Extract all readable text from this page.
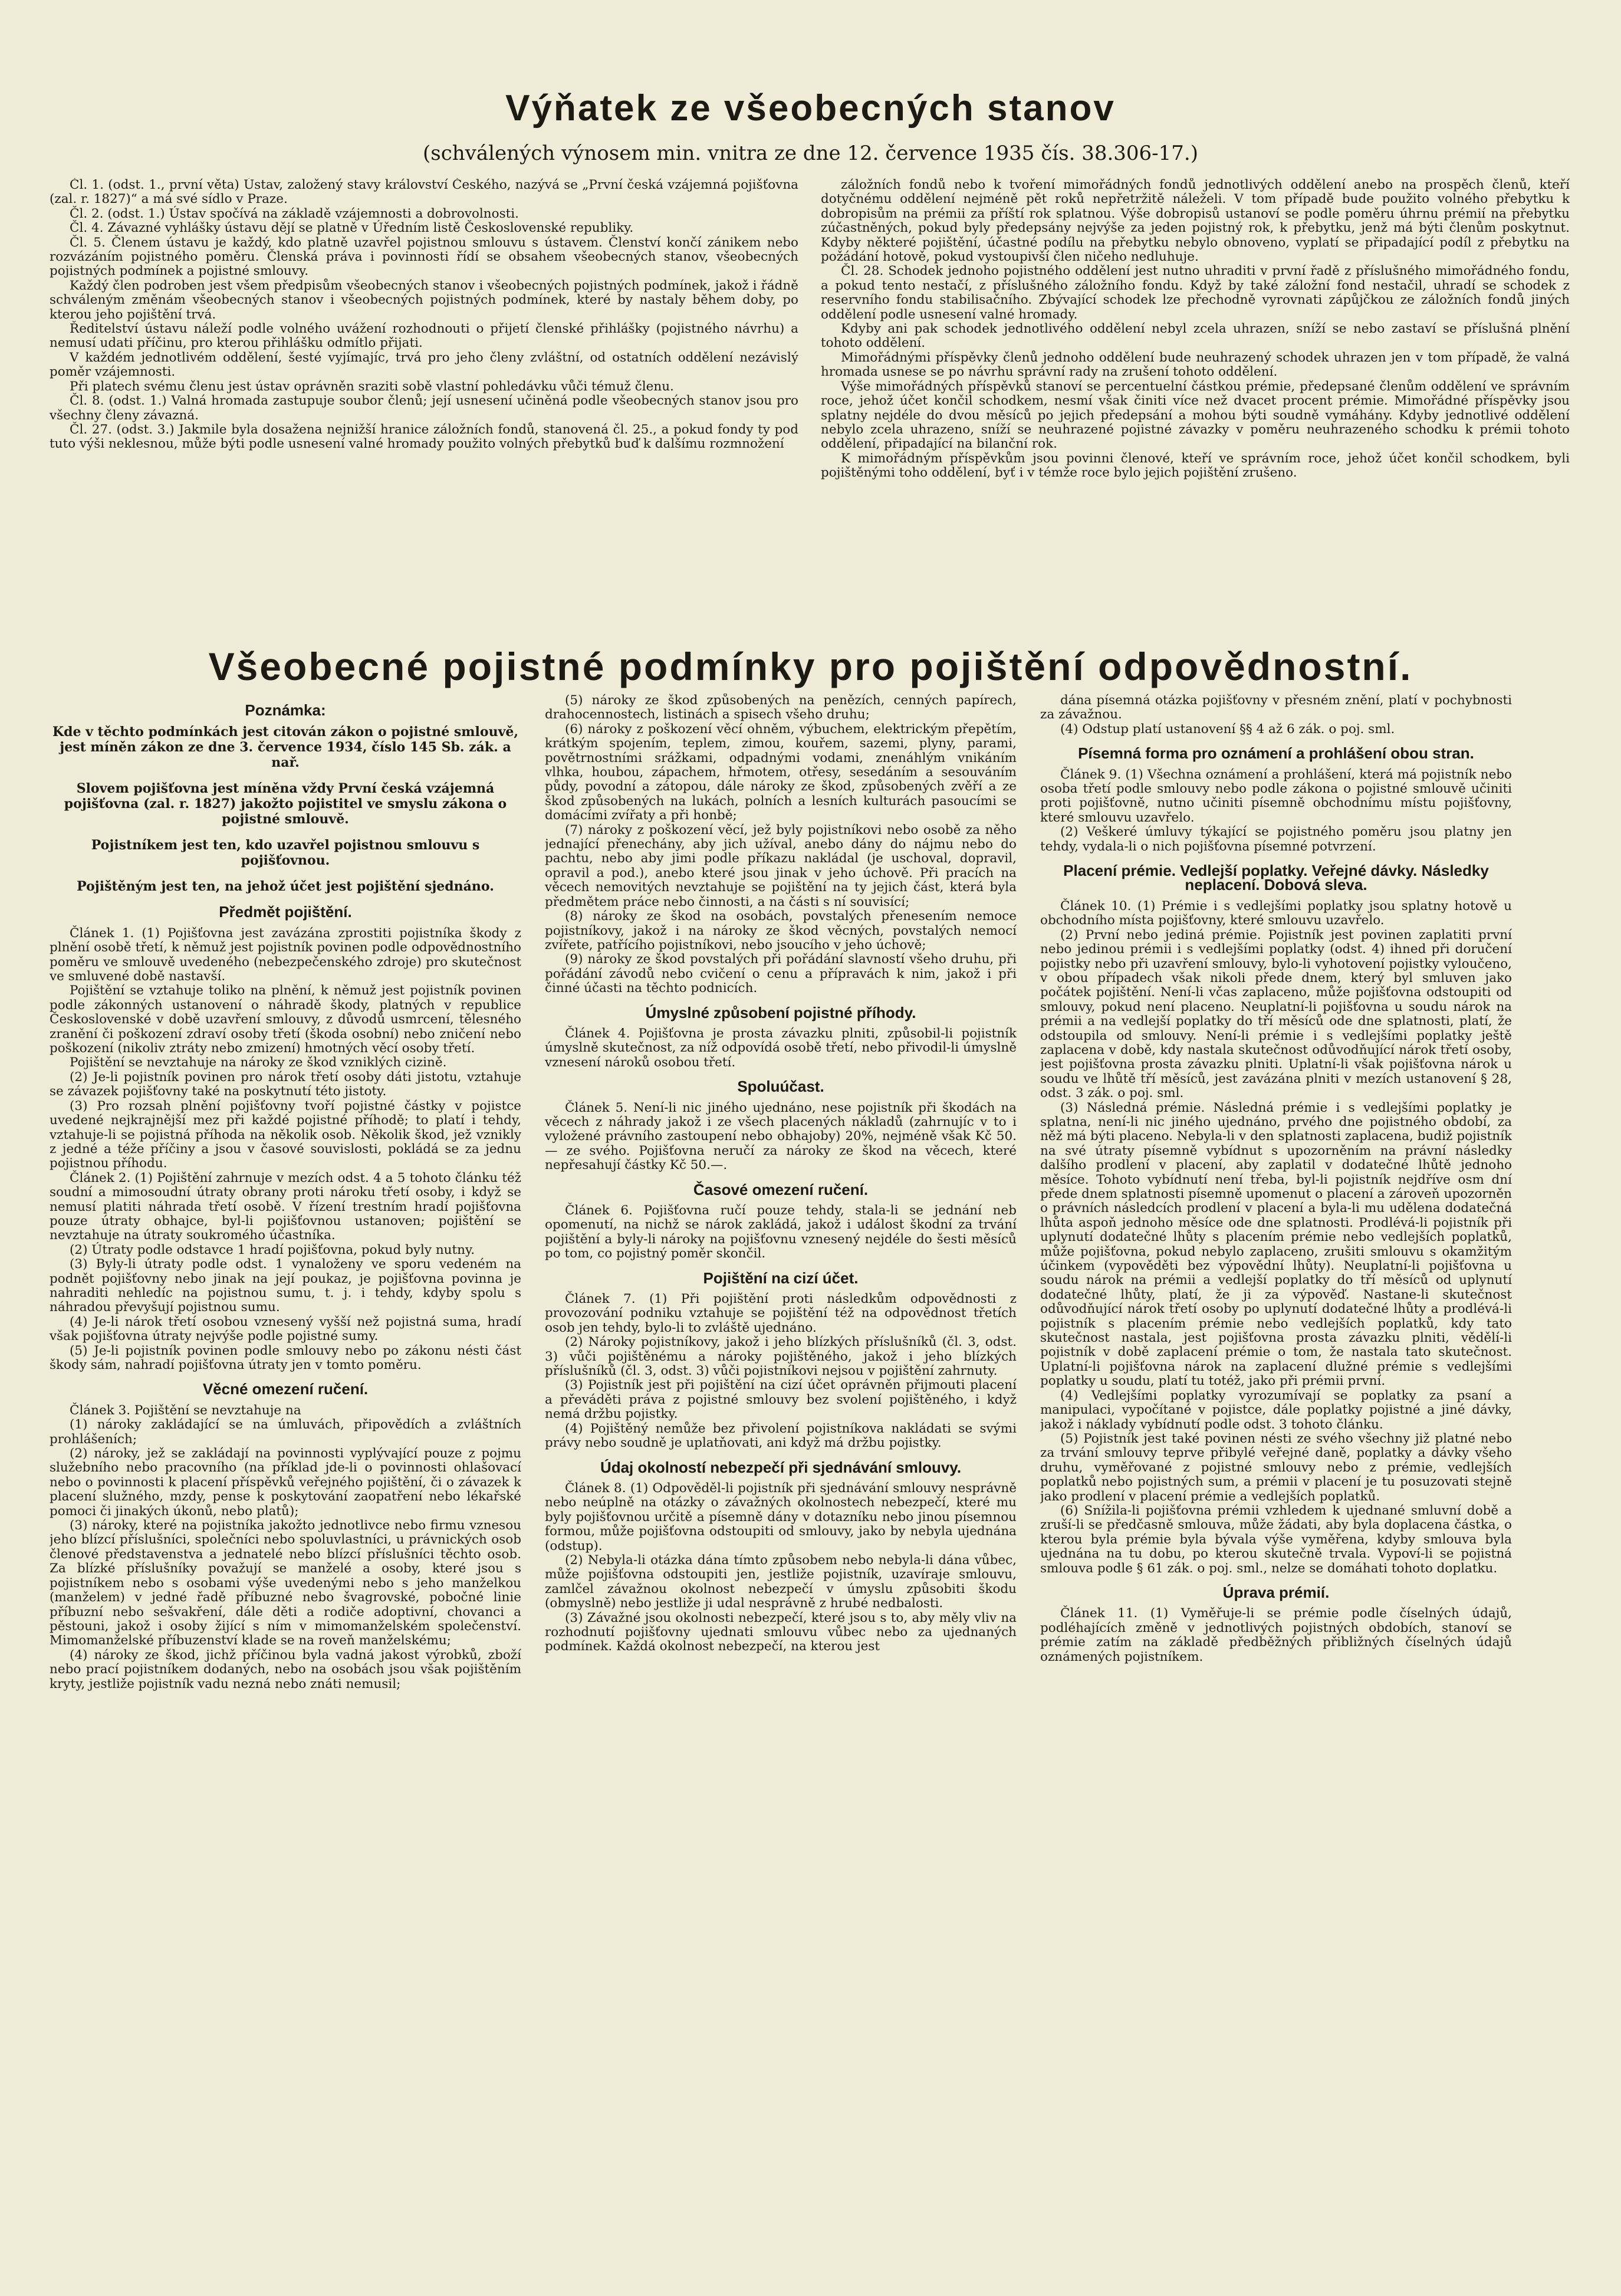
Výňatek ze všeobecných stanov
(schválených výnosem min. vnitra ze dne 12. července 1935 čís. 38.306-17.)

Čl. 1. (odst. 1., první věta) Ústav, založený stavy království Českého, nazývá se „První česká vzájemná pojišťovna (zal. r. 1827)“ a má své sídlo v Praze.

Čl. 2. (odst. 1.) Ústav spočívá na základě vzájemnosti a dobrovolnosti.

Čl. 4. Závazné vyhlášky ústavu dějí se platně v Úředním listě Československé republiky.

Čl. 5. Členem ústavu je každý, kdo platně uzavřel pojistnou smlouvu s ústavem. Členství končí zánikem nebo rozvázáním pojistného poměru. Členská práva i povinnosti řídí se obsahem všeobecných stanov, všeobecných pojistných podmínek a pojistné smlouvy.

Každý člen podroben jest všem předpisům všeobecných stanov i všeobecných pojistných podmínek, jakož i řádně schváleným změnám všeobecných stanov i všeobecných pojistných podmínek, které by nastaly během doby, po kterou jeho pojištění trvá.

Ředitelství ústavu náleží podle volného uvážení rozhodnouti o přijetí členské přihlášky (pojistného návrhu) a nemusí udati příčinu, pro kterou přihlášku odmítlo přijati.

V každém jednotlivém oddělení, šesté vyjímajíc, trvá pro jeho členy zvláštní, od ostatních oddělení nezávislý poměr vzájemnosti.

Při platech svému členu jest ústav oprávněn sraziti sobě vlastní pohledávku vůči témuž členu.

Čl. 8. (odst. 1.) Valná hromada zastupuje soubor členů; její usnesení učiněná podle všeobecných stanov jsou pro všechny členy závazná.

Čl. 27. (odst. 3.) Jakmile byla dosažena nejnižší hranice záložních fondů, stanovená čl. 25., a pokud fondy ty pod tuto výši neklesnou, může býti podle usnesení valné hromady použito volných přebytků buď k dalšímu rozmnožení

záložních fondů nebo k tvoření mimořádných fondů jednotlivých oddělení anebo na prospěch členů, kteří dotyčnému oddělení nejméně pět roků nepřetržitě náleželi. V tom případě bude použito volného přebytku k dobropisům na prémii za příští rok splatnou. Výše dobropisů ustanoví se podle poměru úhrnu prémií na přebytku zúčastněných, pokud byly předepsány nejvýše za jeden pojistný rok, k přebytku, jenž má býti členům poskytnut. Kdyby některé pojištění, účastné podílu na přebytku nebylo obnoveno, vyplatí se připadající podíl z přebytku na požádání hotově, pokud vystoupivší člen ničeho nedluhuje.

Čl. 28. Schodek jednoho pojistného oddělení jest nutno uhraditi v první řadě z příslušného mimořádného fondu, a pokud tento nestačí, z příslušného záložního fondu. Když by také záložní fond nestačil, uhradí se schodek z reservního fondu stabilisačního. Zbývající schodek lze přechodně vyrovnati zápůjčkou ze záložních fondů jiných oddělení podle usnesení valné hromady.

Kdyby ani pak schodek jednotlivého oddělení nebyl zcela uhrazen, sníží se nebo zastaví se příslušná plnění tohoto oddělení.

Mimořádnými příspěvky členů jednoho oddělení bude neuhrazený schodek uhrazen jen v tom případě, že valná hromada usnese se po návrhu správní rady na zrušení tohoto oddělení.

Výše mimořádných příspěvků stanoví se percentuelní částkou prémie, předepsané členům oddělení ve správním roce, jehož účet končil schodkem, nesmí však činiti více než dvacet procent prémie. Mimořádné příspěvky jsou splatny nejdéle do dvou měsíců po jejich předepsání a mohou býti soudně vymáhány. Kdyby jednotlivé oddělení nebylo zcela uhrazeno, sníží se neuhrazené pojistné závazky v poměru neuhrazeného schodku k prémii tohoto oddělení, připadající na bilanční rok.

K mimořádným příspěvkům jsou povinni členové, kteří ve správním roce, jehož účet končil schodkem, byli pojištěnými toho oddělení, byť i v témže roce bylo jejich pojištění zrušeno.

Všeobecné pojistné podmínky pro pojištění odpovědnostní.
Poznámka:

Kde v těchto podmínkách jest citován zákon o pojistné smlouvě, jest míněn zákon ze dne 3. července 1934, číslo 145 Sb. zák. a nař.

Slovem pojišťovna jest míněna vždy První česká vzájemná pojišťovna (zal. r. 1827) jakožto pojistitel ve smyslu zákona o pojistné smlouvě.

Pojistníkem jest ten, kdo uzavřel pojistnou smlouvu s pojišťovnou.

Pojištěným jest ten, na jehož účet jest pojištění sjednáno.

Předmět pojištění.

Článek 1. (1) Pojišťovna jest zavázána zprostiti pojistníka škody z plnění osobě třetí, k němuž jest pojistník povinen podle odpovědnostního poměru ve smlouvě uvedeného (nebezpečenského zdroje) pro skutečnost ve smluvené době nastavší.

Pojištění se vztahuje toliko na plnění, k němuž jest pojistník povinen podle zákonných ustanovení o náhradě škody, platných v republice Československé v době uzavření smlouvy, z důvodů usmrcení, tělesného zranění či poškození zdraví osoby třetí (škoda osobní) nebo zničení nebo poškození (nikoliv ztráty nebo zmizení) hmotných věcí osoby třetí.

Pojištění se nevztahuje na nároky ze škod vzniklých cizině.

(2) Je-li pojistník povinen pro nárok třetí osoby dáti jistotu, vztahuje se závazek pojišťovny také na poskytnutí této jistoty.

(3) Pro rozsah plnění pojišťovny tvoří pojistné částky v pojistce uvedené nejkrajnější mez při každé pojistné příhodě; to platí i tehdy, vztahuje-li se pojistná příhoda na několik osob. Několik škod, jež vznikly z jedné a téže příčiny a jsou v časové souvislosti, pokládá se za jednu pojistnou příhodu.

Článek 2. (1) Pojištění zahrnuje v mezích odst. 4 a 5 tohoto článku též soudní a mimosoudní útraty obrany proti nároku třetí osoby, i když se nemusí platiti náhrada třetí osobě. V řízení trestním hradí pojišťovna pouze útraty obhajce, byl-li pojišťovnou ustanoven; pojištění se nevztahuje na útraty soukromého účastníka.

(2) Útraty podle odstavce 1 hradí pojišťovna, pokud byly nutny.

(3) Byly-li útraty podle odst. 1 vynaloženy ve sporu vedeném na podnět pojišťovny nebo jinak na její poukaz, je pojišťovna povinna je nahraditi nehledíc na pojistnou sumu, t. j. i tehdy, kdyby spolu s náhradou převyšují pojistnou sumu.

(4) Je-li nárok třetí osobou vznesený vyšší než pojistná suma, hradí však pojišťovna útraty nejvýše podle pojistné sumy.

(5) Je-li pojistník povinen podle smlouvy nebo po zákonu nésti část škody sám, nahradí pojišťovna útraty jen v tomto poměru.

Věcné omezení ručení.

Článek 3. Pojištění se nevztahuje na

(1) nároky zakládající se na úmluvách, připovědích a zvláštních prohlášeních;

(2) nároky, jež se zakládají na povinnosti vyplývající pouze z pojmu služebního nebo pracovního (na příklad jde-li o povinnosti ohlašovací nebo o povinnosti k placení příspěvků veřejného pojištění, či o závazek k placení služného, mzdy, pense k poskytování zaopatření nebo lékařské pomoci či jinakých úkonů, nebo platů);

(3) nároky, které na pojistníka jakožto jednotlivce nebo firmu vznesou jeho blízcí příslušníci, společníci nebo spoluvlastníci, u právnických osob členové představenstva a jednatelé nebo blízcí příslušníci těchto osob. Za blízké příslušníky považují se manželé a osoby, které jsou s pojistníkem nebo s osobami výše uvedenými nebo s jeho manželkou (manželem) v jedné řadě příbuzné nebo švagrovské, pobočné linie příbuzní nebo sešvakření, dále děti a rodiče adoptivní, chovanci a pěstouni, jakož i osoby žijící s ním v mimomanželském společenství. Mimomanželské příbuzenství klade se na roveň manželskému;

(4) nároky ze škod, jichž příčinou byla vadná jakost výrobků, zboží nebo prací pojistníkem dodaných, nebo na osobách jsou však pojištěním kryty, jestliže pojistník vadu nezná nebo znáti nemusil;

(5) nároky ze škod způsobených na penězích, cenných papírech, drahocennostech, listinách a spisech všeho druhu;

(6) nároky z poškození věcí ohněm, výbuchem, elektrickým přepětím, krátkým spojením, teplem, zimou, kouřem, sazemi, plyny, parami, povětrnostními srážkami, odpadnými vodami, znenáhlým vnikáním vlhka, houbou, zápachem, hřmotem, otřesy, sesedáním a sesouváním půdy, povodní a zátopou, dále nároky ze škod, způsobených zvěří a ze škod způsobených na lukách, polních a lesních kulturách pasoucími se domácími zvířaty a při honbě;

(7) nároky z poškození věcí, jež byly pojistníkovi nebo osobě za něho jednající přenechány, aby jich užíval, anebo dány do nájmu nebo do pachtu, nebo aby jimi podle příkazu nakládal (je uschoval, dopravil, opravil a pod.), anebo které jsou jinak v jeho úchově. Při pracích na věcech nemovitých nevztahuje se pojištění na ty jejich část, která byla předmětem práce nebo činnosti, a na části s ní souvisící;

(8) nároky ze škod na osobách, povstalých přenesením nemoce pojistníkovy, jakož i na nároky ze škod věcných, povstalých nemocí zvířete, patřícího pojistníkovi, nebo jsoucího v jeho úchově;

(9) nároky ze škod povstalých při pořádání slavností všeho druhu, při pořádání závodů nebo cvičení o cenu a přípravách k nim, jakož i při činné účasti na těchto podnicích.

Úmyslné způsobení pojistné příhody.

Článek 4. Pojišťovna je prosta závazku plniti, způsobil-li pojistník úmyslně skutečnost, za níž odpovídá osobě třetí, nebo přivodil-li úmyslně vznesení nároků osobou třetí.

Spoluúčast.

Článek 5. Není-li nic jiného ujednáno, nese pojistník při škodách na věcech z náhrady jakož i ze všech placených nákladů (zahrnujíc v to i vyložené právního zastoupení nebo obhajoby) 20%, nejméně však Kč 50.— ze svého. Pojišťovna neručí za nároky ze škod na věcech, které nepřesahují částky Kč 50.—.

Časové omezení ručení.

Článek 6. Pojišťovna ručí pouze tehdy, stala-li se jednání neb opomenutí, na nichž se nárok zakládá, jakož i událost škodní za trvání pojištění a byly-li nároky na pojišťovnu vznesený nejdéle do šesti měsíců po tom, co pojistný poměr skončil.

Pojištění na cizí účet.

Článek 7. (1) Při pojištění proti následkům odpovědnosti z provozování podniku vztahuje se pojištění též na odpovědnost třetích osob jen tehdy, bylo-li to zvláště ujednáno.

(2) Nároky pojistníkovy, jakož i jeho blízkých příslušníků (čl. 3, odst. 3) vůči pojištěnému a nároky pojištěného, jakož i jeho blízkých příslušníků (čl. 3, odst. 3) vůči pojistníkovi nejsou v pojištění zahrnuty.

(3) Pojistník jest při pojištění na cizí účet oprávněn přijmouti placení a převáděti práva z pojistné smlouvy bez svolení pojištěného, i když nemá držbu pojistky.

(4) Pojištěný nemůže bez přivolení pojistníkova nakládati se svými právy nebo soudně je uplatňovati, ani když má držbu pojistky.

Údaj okolností nebezpečí při sjednávání smlouvy.

Článek 8. (1) Odpověděl-li pojistník při sjednávání smlouvy nesprávně nebo neúplně na otázky o závažných okolnostech nebezpečí, které mu byly pojišťovnou určitě a písemně dány v dotazníku nebo jinou písemnou formou, může pojišťovna odstoupiti od smlouvy, jako by nebyla ujednána (odstup).

(2) Nebyla-li otázka dána tímto způsobem nebo nebyla-li dána vůbec, může pojišťovna odstoupiti jen, jestliže pojistník, uzavíraje smlouvu, zamlčel závažnou okolnost nebezpečí v úmyslu způsobiti škodu (obmyslně) nebo jestliže ji udal nesprávně z hrubé nedbalosti.

(3) Závažné jsou okolnosti nebezpečí, které jsou s to, aby měly vliv na rozhodnutí pojišťovny ujednati smlouvu vůbec nebo za ujednaných podmínek. Každá okolnost nebezpečí, na kterou jest

dána písemná otázka pojišťovny v přesném znění, platí v pochybnosti za závažnou.

(4) Odstup platí ustanovení §§ 4 až 6 zák. o poj. sml.

Písemná forma pro oznámení a prohlášení obou stran.

Článek 9. (1) Všechna oznámení a prohlášení, která má pojistník nebo osoba třetí podle smlouvy nebo podle zákona o pojistné smlouvě učiniti proti pojišťovně, nutno učiniti písemně obchodnímu místu pojišťovny, které smlouvu uzavřelo.

(2) Veškeré úmluvy týkající se pojistného poměru jsou platny jen tehdy, vydala-li o nich pojišťovna písemné potvrzení.

Placení prémie. Vedlejší poplatky. Veřejné dávky. Následky neplacení. Dobová sleva.

Článek 10. (1) Prémie i s vedlejšími poplatky jsou splatny hotově u obchodního místa pojišťovny, které smlouvu uzavřelo.

(2) První nebo jediná prémie. Pojistník jest povinen zaplatiti první nebo jedinou prémii i s vedlejšími poplatky (odst. 4) ihned při doručení pojistky nebo při uzavření smlouvy, bylo-li vyhotovení pojistky vyloučeno, v obou případech však nikoli přede dnem, který byl smluven jako počátek pojištění. Není-li včas zaplaceno, může pojišťovna odstoupiti od smlouvy, pokud není placeno. Neuplatní-li pojišťovna u soudu nárok na prémii a na vedlejší poplatky do tří měsíců ode dne splatnosti, platí, že odstoupila od smlouvy. Není-li prémie i s vedlejšími poplatky ještě zaplacena v době, kdy nastala skutečnost odůvodňující nárok třetí osoby, jest pojišťovna prosta závazku plniti. Uplatní-li však pojišťovna nárok u soudu ve lhůtě tří měsíců, jest zavázána plniti v mezích ustanovení § 28, odst. 3 zák. o poj. sml.

(3) Následná prémie. Následná prémie i s vedlejšími poplatky je splatna, není-li nic jiného ujednáno, prvého dne pojistného období, za něž má býti placeno. Nebyla-li v den splatnosti zaplacena, budiž pojistník na své útraty písemně vybídnut s upozorněním na právní následky dalšího prodlení v placení, aby zaplatil v dodatečné lhůtě jednoho měsíce. Tohoto vybídnutí není třeba, byl-li pojistník nejdříve osm dní přede dnem splatnosti písemně upomenut o placení a zároveň upozorněn o právních následcích prodlení v placení a byla-li mu udělena dodatečná lhůta aspoň jednoho měsíce ode dne splatnosti. Prodlévá-li pojistník při uplynutí dodatečné lhůty s placením prémie nebo vedlejších poplatků, může pojišťovna, pokud nebylo zaplaceno, zrušiti smlouvu s okamžitým účinkem (vypověděti bez výpovědní lhůty). Neuplatní-li pojišťovna u soudu nárok na prémii a vedlejší poplatky do tří měsíců od uplynutí dodatečné lhůty, platí, že ji za výpověď. Nastane-li skutečnost odůvodňující nárok třetí osoby po uplynutí dodatečné lhůty a prodlévá-li pojistník s placením prémie nebo vedlejších poplatků, kdy tato skutečnost nastala, jest pojišťovna prosta závazku plniti, vědělí-li pojistník v době zaplacení prémie o tom, že nastala tato skutečnost. Uplatní-li pojišťovna nárok na zaplacení dlužné prémie s vedlejšími poplatky u soudu, platí tu totéž, jako při prémii první.

(4) Vedlejšími poplatky vyrozumívají se poplatky za psaní a manipulaci, vypočítané v pojistce, dále poplatky pojistné a jiné dávky, jakož i náklady vybídnutí podle odst. 3 tohoto článku.

(5) Pojistník jest také povinen nésti ze svého všechny již platné nebo za trvání smlouvy teprve přibylé veřejné daně, poplatky a dávky všeho druhu, vyměřované z pojistné smlouvy nebo z prémie, vedlejších poplatků nebo pojistných sum, a prémii v placení je tu posuzovati stejně jako prodlení v placení prémie a vedlejších poplatků.

(6) Snížila-li pojišťovna prémii vzhledem k ujednané smluvní době a zruší-li se předčasně smlouva, může žádati, aby byla doplacena částka, o kterou byla prémie byla bývala výše vyměřena, kdyby smlouva byla ujednána na tu dobu, po kterou skutečně trvala. Vypoví-li se pojistná smlouva podle § 61 zák. o poj. sml., nelze se domáhati tohoto doplatku.

Úprava prémií.

Článek 11. (1) Vyměřuje-li se prémie podle číselných údajů, podléhajících změně v jednotlivých pojistných obdobích, stanoví se prémie zatím na základě předběžných přibližných číselných údajů oznámených pojistníkem.
